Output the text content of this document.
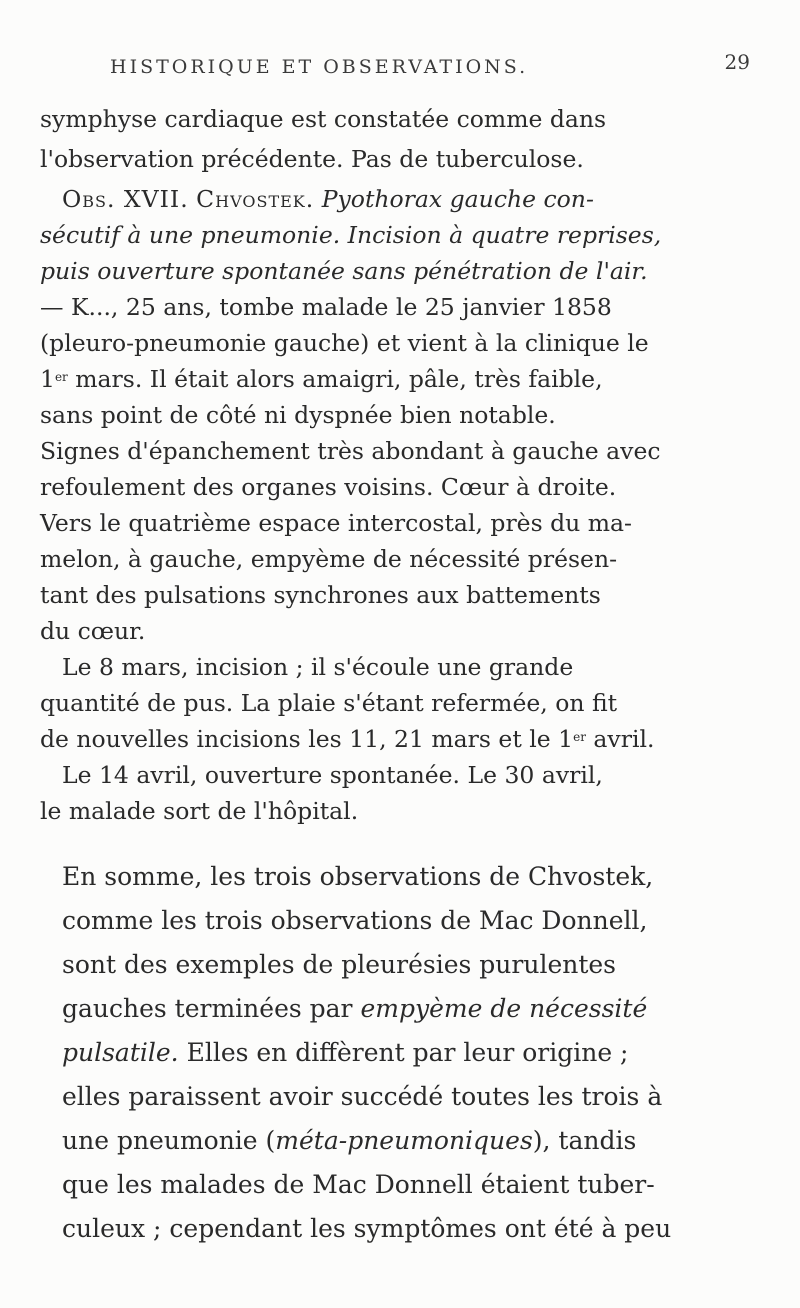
HISTORIQUE ET OBSERVATIONS.	29
symphyse cardiaque est constatée comme dans
l'observation précédente. Pas de tuberculose.
Obs. XVII. Chvostek. Pyothorax gauche con-
sécutif à une pneumonie. Incision à quatre reprises,
puis ouverture spontanée sans pénétration de l'air.
— K..., 25 ans, tombe malade le 25 janvier 1858
(pleuro-pneumonie gauche) et vient à la clinique le
1er mars. Il était alors amaigri, pâle, très faible,
sans point de côté ni dyspnée bien notable.
Signes d'épanchement très abondant à gauche avec
refoulement des organes voisins. Cœur à droite.
Vers le quatrième espace intercostal, près du ma-
melon, à gauche, empyème de nécessité présen-
tant des pulsations synchrones aux battements
du cœur.
Le 8 mars, incision ; il s'écoule une grande
quantité de pus. La plaie s'étant refermée, on fit
de nouvelles incisions les 11, 21 mars et le 1er avril.
Le 14 avril, ouverture spontanée. Le 30 avril,
le malade sort de l'hôpital.
En somme, les trois observations de Chvostek,
comme les trois observations de Mac Donnell,
sont des exemples de pleurésies purulentes
gauches terminées par empyème de nécessité
pulsatile. Elles en diffèrent par leur origine ;
elles paraissent avoir succédé toutes les trois à
une pneumonie (méta-pneumoniques), tandis
que les malades de Mac Donnell étaient tuber-
culeux ; cependant les symptômes ont été à peu
